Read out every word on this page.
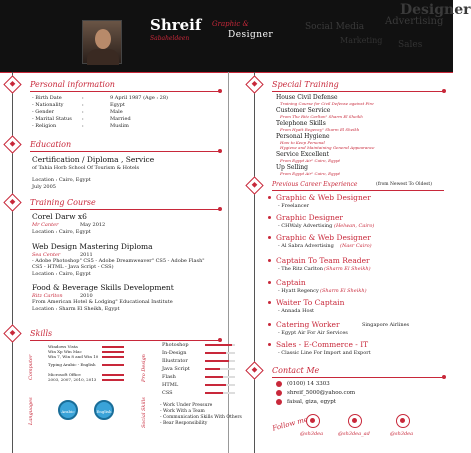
Shreif
Sabaheldeen
Graphic &
Designer
Designer
Advertising
Social Media
Marketing Sales
Personal information
- Birth Date	:	9 April 1987 (Age : 28)
- Nationality	:	Egypt
- Gender	:	Male
- Marital Status :	Married
- Religion	:	Muslim
Education
Certification / Diploma , Service
of Tahia Horb School Of Tourism & Hotels
Location : Cairo, Egypt
July 2005
Training Course
Corel Darw x6
Mr Canter	May 2012
Location : Cairo, Egypt
Web Design Mastering Diploma
Sea Center	2011
- Adobe Photoshop" CS5 - Adobe Dreamweaver" CS5 - Adobe Flash"
CS5 - HTML - Java Script - CSS)
Location : Cairo, Egypt
Food & Beverage Skills Development
Ritz Carlton	2010
From American Hotel & Lodging" Educational Institute
Location : Sharm El Sheikh, Egypt
Skills
Computer
Windows Vista
Win Xp Win Mac
Win 7, Win 8 and Win 10
Typing Arabic - English
Microsoft Office
2003, 2007, 2010, 2013
Languages	Arabic	English
Pro Design
Photoshop
In-Design
Illustrator
Java Script
Flash
HTML
CSS
Social Skills	- Work Under Pressure
- Work With a Team
- Communication Skills With Others
- Bear Responsibility
Special Training
House Civil Defense
Training Course for Civil Defense against Fire
Customer Service
From The Ritz Carlton" Sharm El Sheikh
Telephone Skills
From Hyatt Regency" Sharm El Sheikh
Personal Hygiene
How to Keep Personal
Hygiene and Maintaining General Appearance
Service Excellent
From Egypt Air" Cairo, Egypt
Up Selling
From Egypt Air" Cairo, Egypt
Previous Career Experience	(from Newest To Oldest)
Graphic & Web Designer
- Freelancer
Graphic Designer
- CHWaly Advertising (Helwan, Cairo)
Graphic & Web Designer
- Al Sabra Advertising (Nasr Cairo)
Captain To Team Reader
- The Ritz Carlton (Sharm El Sheikh)
Captain
- Hyatt Regency (Sharm El Sheikh)
Waiter To Captain
- Annada Host
Catering Worker	Singapore Airlines
- Egypt Air For Air Services
Sales - E-Commerce - IT
- Classic Line For Import and Export
Contact Me
(0100) 14 3303
shreif_5000@yahoo.com
faisal, giza, egypt
Follow me
@sh3dea	@sh3dea_ad	@sh3dea
